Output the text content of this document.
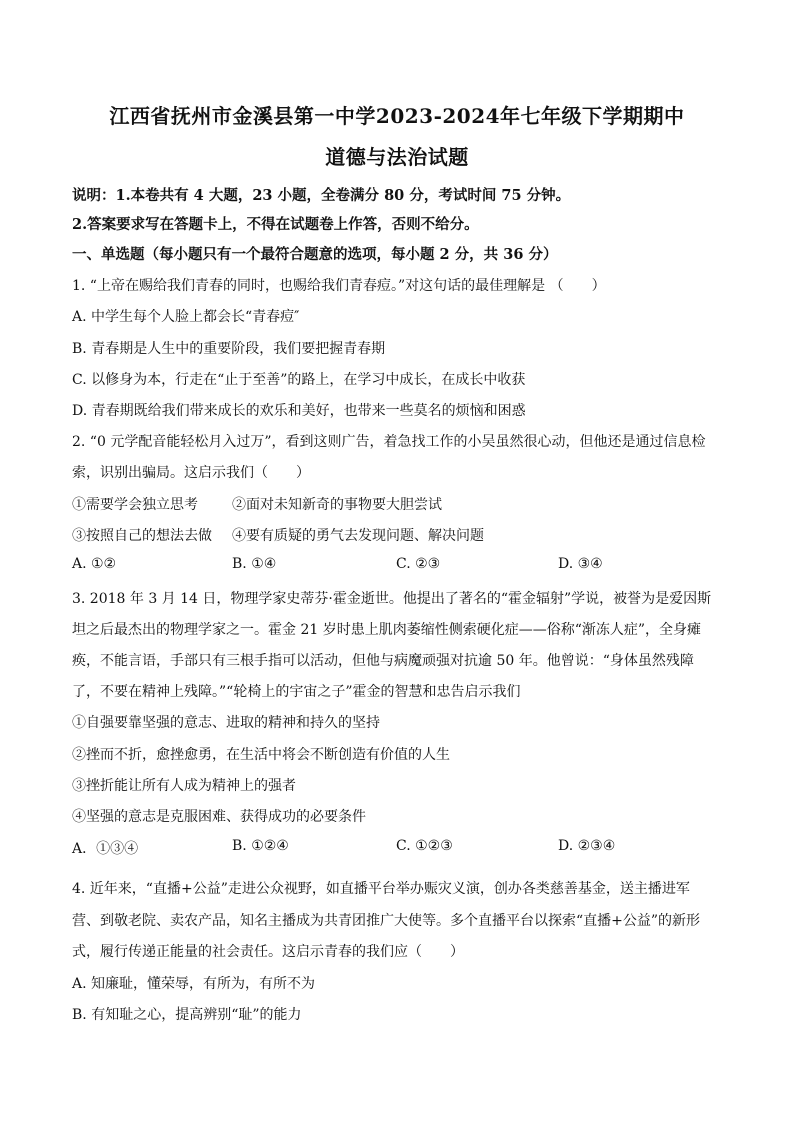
江西省抚州市金溪县第一中学2023-2024年七年级下学期期中
道德与法治试题
说明：1.本卷共有 4 大题，23 小题，全卷满分 80 分，考试时间 75 分钟。
2.答案要求写在答题卡上，不得在试题卷上作答，否则不给分。
一、单选题（每小题只有一个最符合题意的选项，每小题 2 分，共 36 分）
1. “上帝在赐给我们青春的同时，也赐给我们青春痘。”对这句话的最佳理解是 （　　）
A. 中学生每个人脸上都会长“青春痘″
B. 青春期是人生中的重要阶段，我们要把握青春期
C. 以修身为本，行走在“止于至善”的路上，在学习中成长，在成长中收获
D. 青春期既给我们带来成长的欢乐和美好，也带来一些莫名的烦恼和困惑
2. “0 元学配音能轻松月入过万”，看到这则广告，着急找工作的小吴虽然很心动，但他还是通过信息检
索，识别出骗局。这启示我们（　　）
①需要学会独立思考 ②面对未知新奇的事物要大胆尝试
③按照自己的想法去做 ④要有质疑的勇气去发现问题、解决问题
A. ①②	B. ①④	C. ②③	D. ③④
3. 2018 年 3 月 14 日，物理学家史蒂芬·霍金逝世。他提出了著名的“霍金辐射”学说，被誉为是爱因斯
坦之后最杰出的物理学家之一。霍金 21 岁时患上肌肉萎缩性侧索硬化症——俗称“渐冻人症”，全身瘫
痪，不能言语，手部只有三根手指可以活动，但他与病魔顽强对抗逾 50 年。他曾说：“身体虽然残障
了，不要在精神上残障。”“轮椅上的宇宙之子”霍金的智慧和忠告启示我们
①自强要靠坚强的意志、进取的精神和持久的坚持
②挫而不折，愈挫愈勇，在生活中将会不断创造有价值的人生
③挫折能让所有人成为精神上的强者
④坚强的意志是克服困难、获得成功的必要条件
A．①③④	B. ①②④	C. ①②③	D. ②③④
4. 近年来，“直播+公益”走进公众视野，如直播平台举办赈灾义演，创办各类慈善基金，送主播进军
营、到敬老院、卖农产品，知名主播成为共青团推广大使等。多个直播平台以探索“直播+公益”的新形
式，履行传递正能量的社会责任。这启示青春的我们应（　　）
A. 知廉耻，懂荣辱，有所为，有所不为
B. 有知耻之心，提高辨别“耻”的能力
